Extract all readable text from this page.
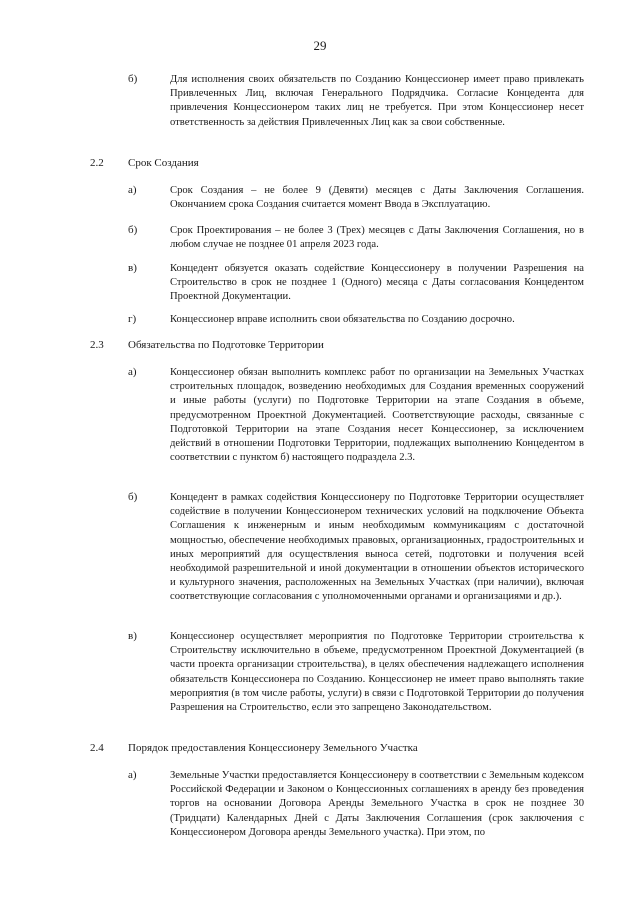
29
б)	Для исполнения своих обязательств по Созданию Концессионер имеет право привлекать Привлеченных Лиц, включая Генерального Подрядчика. Согласие Концедента для привлечения Концессионером таких лиц не требуется. При этом Концессионер несет ответственность за действия Привлеченных Лиц как за свои собственные.
2.2 Срок Создания
а)	Срок Создания – не более 9 (Девяти) месяцев с Даты Заключения Соглашения. Окончанием срока Создания считается момент Ввода в Эксплуатацию.
б)	Срок Проектирования – не более 3 (Трех) месяцев с Даты Заключения Соглашения, но в любом случае не позднее 01 апреля 2023 года.
в)	Концедент обязуется оказать содействие Концессионеру в получении Разрешения на Строительство в срок не позднее 1 (Одного) месяца с Даты согласования Концедентом Проектной Документации.
г)	Концессионер вправе исполнить свои обязательства по Созданию досрочно.
2.3 Обязательства по Подготовке Территории
а)	Концессионер обязан выполнить комплекс работ по организации на Земельных Участках строительных площадок, возведению необходимых для Создания временных сооружений и иные работы (услуги) по Подготовке Территории на этапе Создания в объеме, предусмотренном Проектной Документацией. Соответствующие расходы, связанные с Подготовкой Территории на этапе Создания несет Концессионер, за исключением действий в отношении Подготовки Территории, подлежащих выполнению Концедентом в соответствии с пунктом б) настоящего подраздела 2.3.
б)	Концедент в рамках содействия Концессионеру по Подготовке Территории осуществляет содействие в получении Концессионером технических условий на подключение Объекта Соглашения к инженерным и иным необходимым коммуникациям с достаточной мощностью, обеспечение необходимых правовых, организационных, градостроительных и иных мероприятий для осуществления выноса сетей, подготовки и получения всей необходимой разрешительной и иной документации в отношении объектов исторического и культурного значения, расположенных на Земельных Участках (при наличии), включая соответствующие согласования с уполномоченными органами и организациями и др.).
в)	Концессионер осуществляет мероприятия по Подготовке Территории строительства к Строительству исключительно в объеме, предусмотренном Проектной Документацией (в части проекта организации строительства), в целях обеспечения надлежащего исполнения обязательств Концессионера по Созданию. Концессионер не имеет право выполнять такие мероприятия (в том числе работы, услуги) в связи с Подготовкой Территории до получения Разрешения на Строительство, если это запрещено Законодательством.
2.4 Порядок предоставления Концессионеру Земельного Участка
а)	Земельные Участки предоставляется Концессионеру в соответствии с Земельным кодексом Российской Федерации и Законом о Концессионных соглашениях в аренду без проведения торгов на основании Договора Аренды Земельного Участка в срок не позднее 30 (Тридцати) Календарных Дней с Даты Заключения Соглашения (срок заключения с Концессионером Договора аренды Земельного участка). При этом, по
